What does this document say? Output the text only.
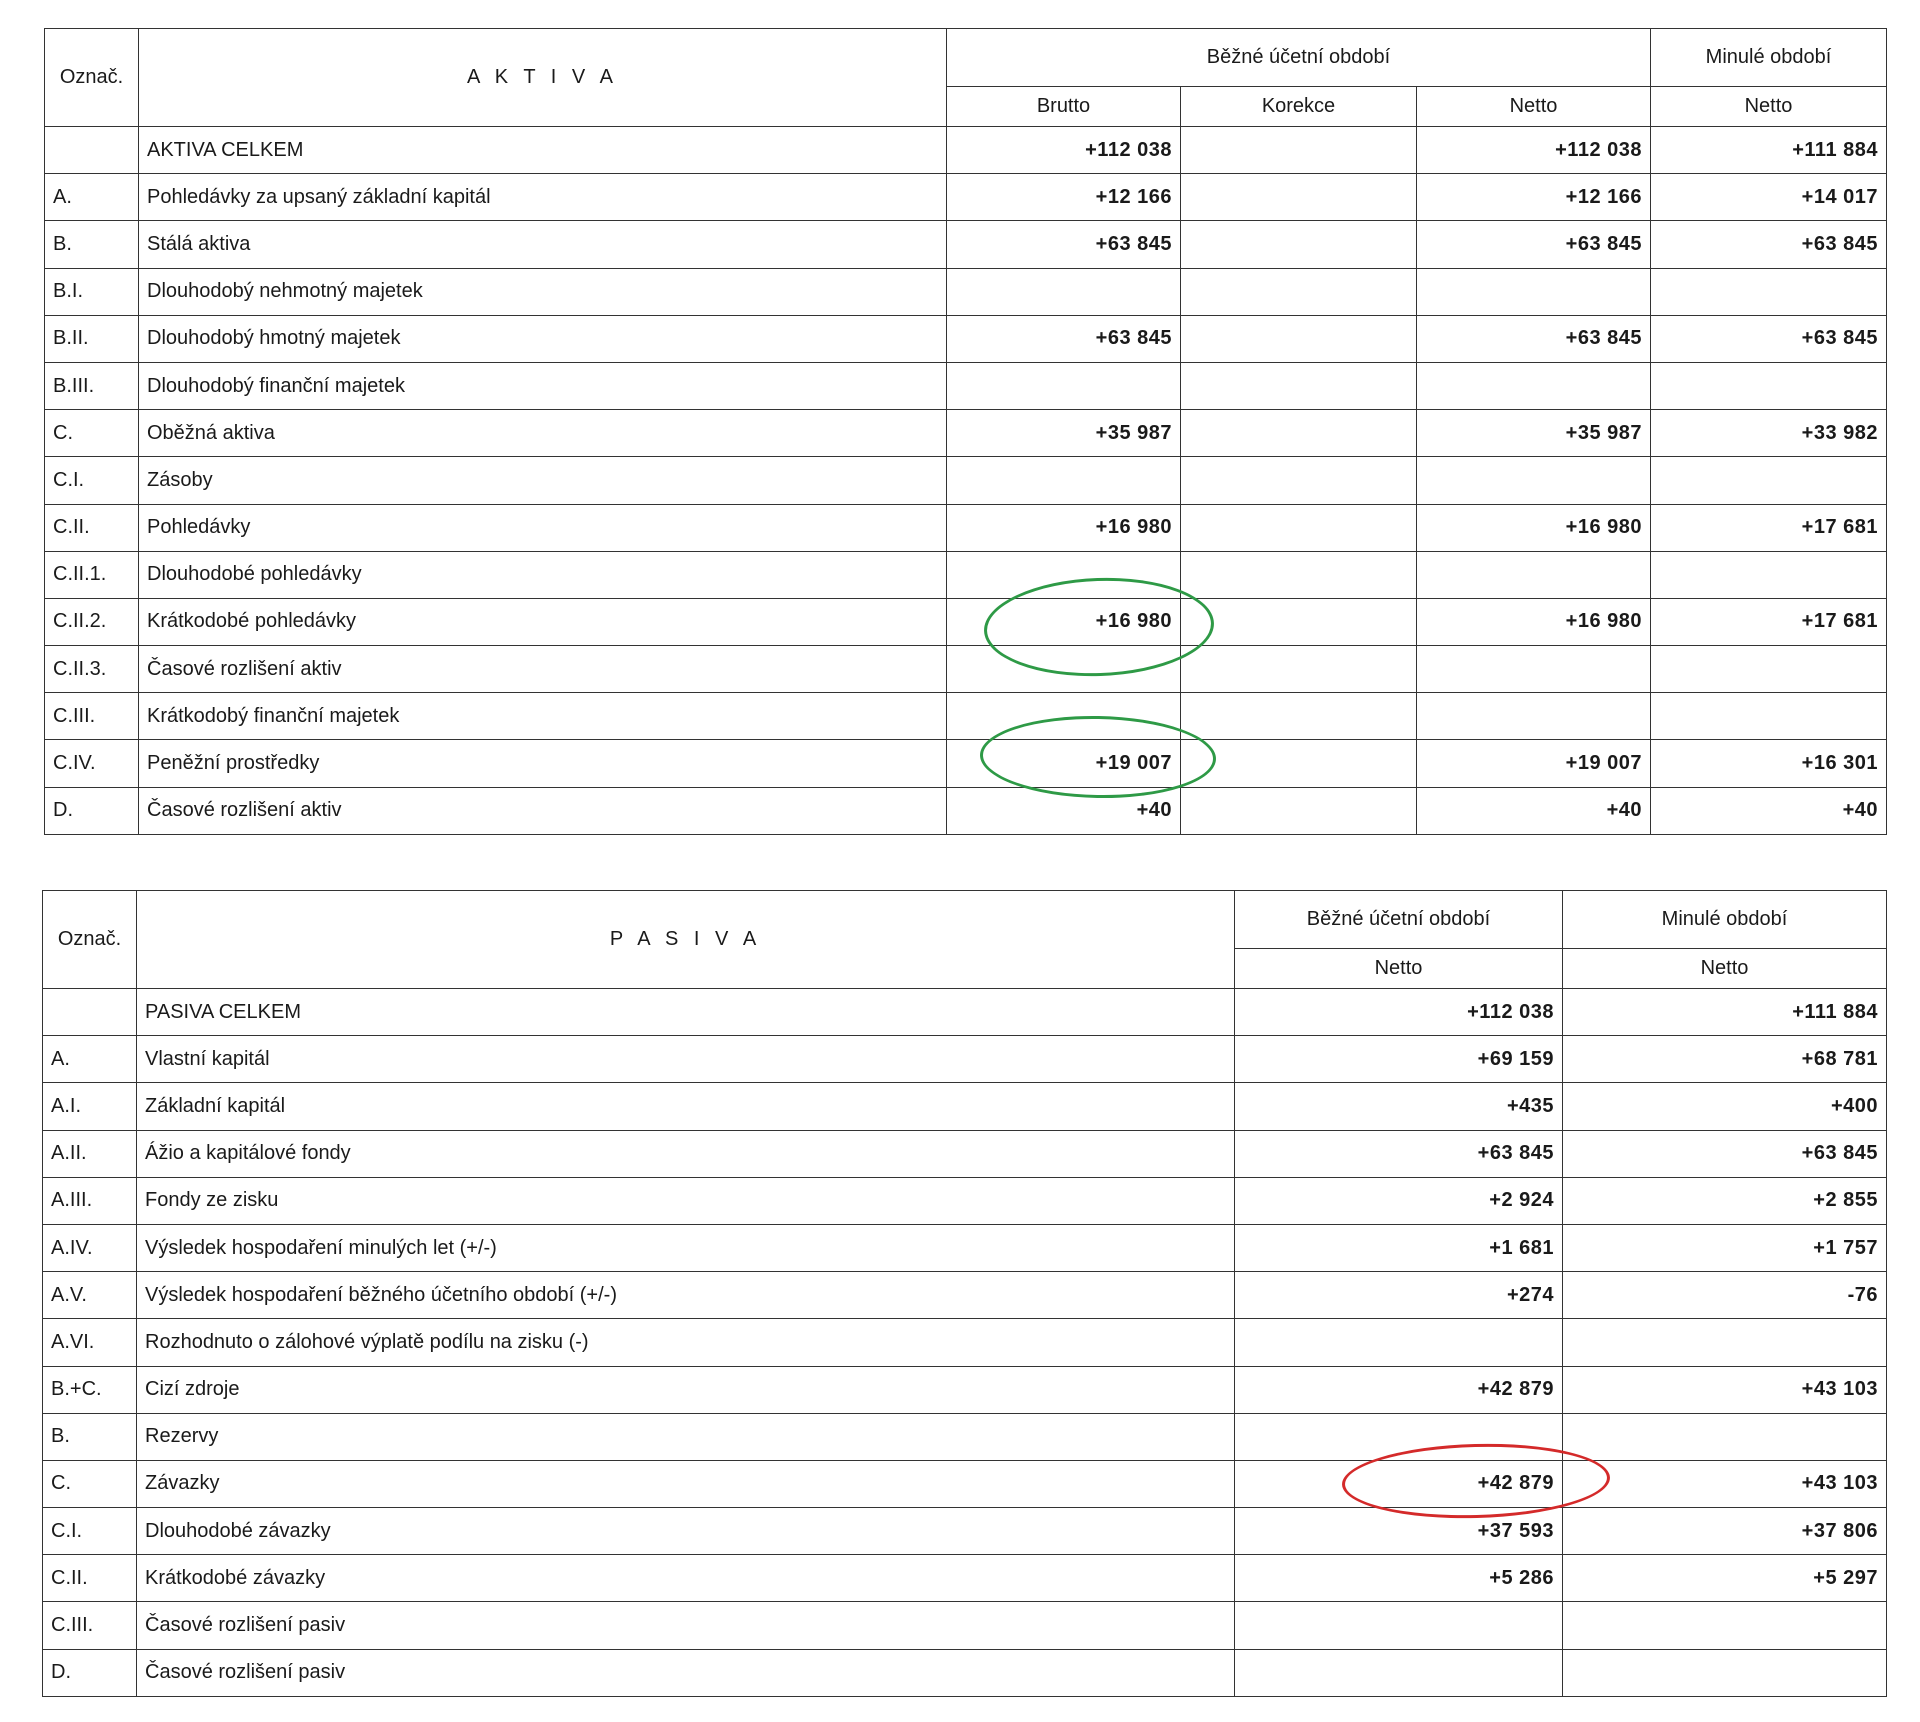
Označ.	A K T I V A	Běžné účetní období			Minulé období
		Brutto	Korekce	Netto	Netto
	AKTIVA CELKEM	+112 038		+112 038	+111 884
A.	Pohledávky za upsaný základní kapitál	+12 166		+12 166	+14 017
B.	Stálá aktiva	+63 845		+63 845	+63 845
B.I.	Dlouhodobý nehmotný majetek				
B.II.	Dlouhodobý hmotný majetek	+63 845		+63 845	+63 845
B.III.	Dlouhodobý finanční majetek				
C.	Oběžná aktiva	+35 987		+35 987	+33 982
C.I.	Zásoby				
C.II.	Pohledávky	+16 980		+16 980	+17 681
C.II.1.	Dlouhodobé pohledávky				
C.II.2.	Krátkodobé pohledávky	+16 980		+16 980	+17 681
C.II.3.	Časové rozlišení aktiv				
C.III.	Krátkodobý finanční majetek				
C.IV.	Peněžní prostředky	+19 007		+19 007	+16 301
D.	Časové rozlišení aktiv	+40		+40	+40
Označ.	P A S I V A	Běžné účetní období	Minulé období
		Netto	Netto
	PASIVA CELKEM	+112 038	+111 884
A.	Vlastní kapitál	+69 159	+68 781
A.I.	Základní kapitál	+435	+400
A.II.	Ážio a kapitálové fondy	+63 845	+63 845
A.III.	Fondy ze zisku	+2 924	+2 855
A.IV.	Výsledek hospodaření minulých let (+/-)	+1 681	+1 757
A.V.	Výsledek hospodaření běžného účetního období (+/-)	+274	-76
A.VI.	Rozhodnuto o zálohové výplatě podílu na zisku (-)		
B.+C.	Cizí zdroje	+42 879	+43 103
B.	Rezervy		
C.	Závazky	+42 879	+43 103
C.I.	Dlouhodobé závazky	+37 593	+37 806
C.II.	Krátkodobé závazky	+5 286	+5 297
C.III.	Časové rozlišení pasiv		
D.	Časové rozlišení pasiv		
